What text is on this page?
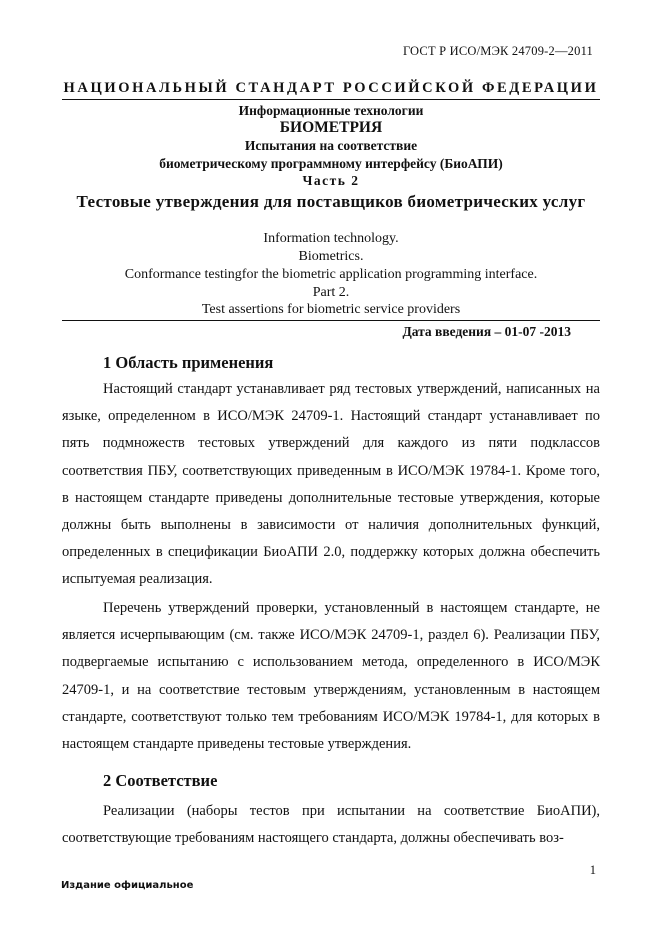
ГОСТ Р ИСО/МЭК 24709-2—2011
НАЦИОНАЛЬНЫЙ СТАНДАРТ РОССИЙСКОЙ ФЕДЕРАЦИИ
Информационные технологии
БИОМЕТРИЯ
Испытания на соответствие
биометрическому программному интерфейсу (БиоАПИ)
Часть 2
Тестовые утверждения для поставщиков биометрических услуг
Information technology.
Biometrics.
Conformance testingfor the biometric application programming interface.
Part 2.
Test assertions for biometric service providers
Дата введения – 01-07 -2013
1 Область применения

Настоящий стандарт устанавливает ряд тестовых утверждений, написанных на языке, определенном в ИСО/МЭК 24709-1. Настоящий стандарт устанавливает по пять подмножеств тестовых утверждений для каждого из пяти подклассов соответствия ПБУ, соответствующих приведенным в ИСО/МЭК 19784-1. Кроме того, в настоящем стандарте приведены дополнительные тестовые утверждения, которые должны быть выполнены в зависимости от наличия дополнительных функций, определенных в спецификации БиоАПИ 2.0, поддержку которых должна обеспечить испытуемая реализация.

Перечень утверждений проверки, установленный в настоящем стандарте, не является исчерпывающим (см. также ИСО/МЭК 24709-1, раздел 6). Реализации ПБУ, подвергаемые испытанию с использованием метода, определенного в ИСО/МЭК 24709-1, и на соответствие тестовым утверждениям, установленным в настоящем стандарте, соответствуют только тем требованиям ИСО/МЭК 19784-1, для которых в настоящем стандарте приведены тестовые утверждения.

2 Соответствие

Реализации (наборы тестов при испытании на соответствие БиоАПИ), соответствующие требованиям настоящего стандарта, должны обеспечивать воз-

1
Издание официальное
